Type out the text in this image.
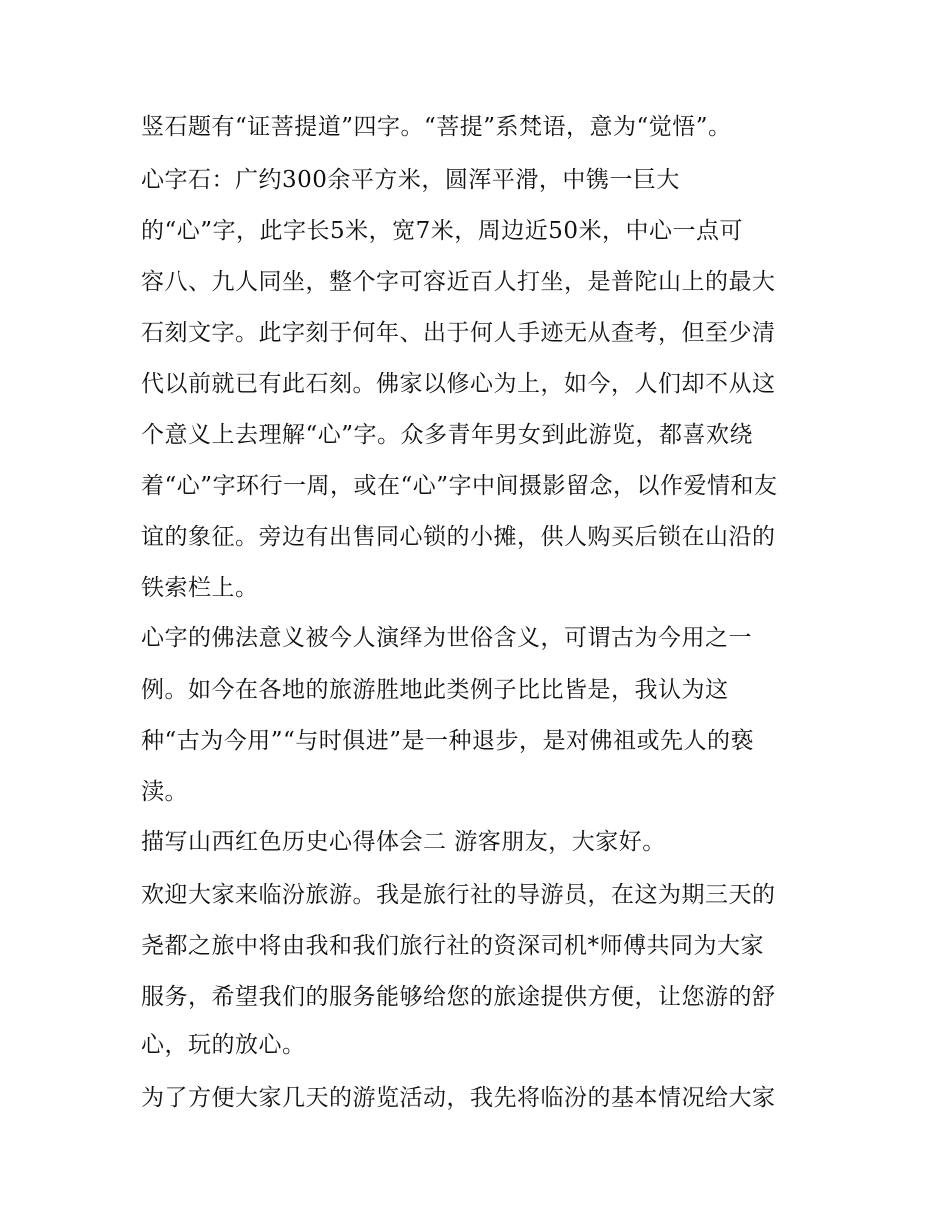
竖石题有“证菩提道”四字。“菩提”系梵语，意为“觉悟”。
心字石：广约300余平方米，圆浑平滑，中镌一巨大
的“心”字，此字长5米，宽7米，周边近50米，中心一点可
容八、九人同坐，整个字可容近百人打坐，是普陀山上的最大
石刻文字。此字刻于何年、出于何人手迹无从查考，但至少清
代以前就已有此石刻。佛家以修心为上，如今，人们却不从这
个意义上去理解“心”字。众多青年男女到此游览，都喜欢绕
着“心”字环行一周，或在“心”字中间摄影留念，以作爱情和友
谊的象征。旁边有出售同心锁的小摊，供人购买后锁在山沿的
铁索栏上。
心字的佛法意义被今人演绎为世俗含义，可谓古为今用之一
例。如今在各地的旅游胜地此类例子比比皆是，我认为这
种“古为今用”“与时俱进”是一种退步，是对佛祖或先人的亵
渎。
描写山西红色历史心得体会二 游客朋友，大家好。
欢迎大家来临汾旅游。我是旅行社的导游员，在这为期三天的
尧都之旅中将由我和我们旅行社的资深司机*师傅共同为大家
服务，希望我们的服务能够给您的旅途提供方便，让您游的舒
心，玩的放心。
为了方便大家几天的游览活动，我先将临汾的基本情况给大家
